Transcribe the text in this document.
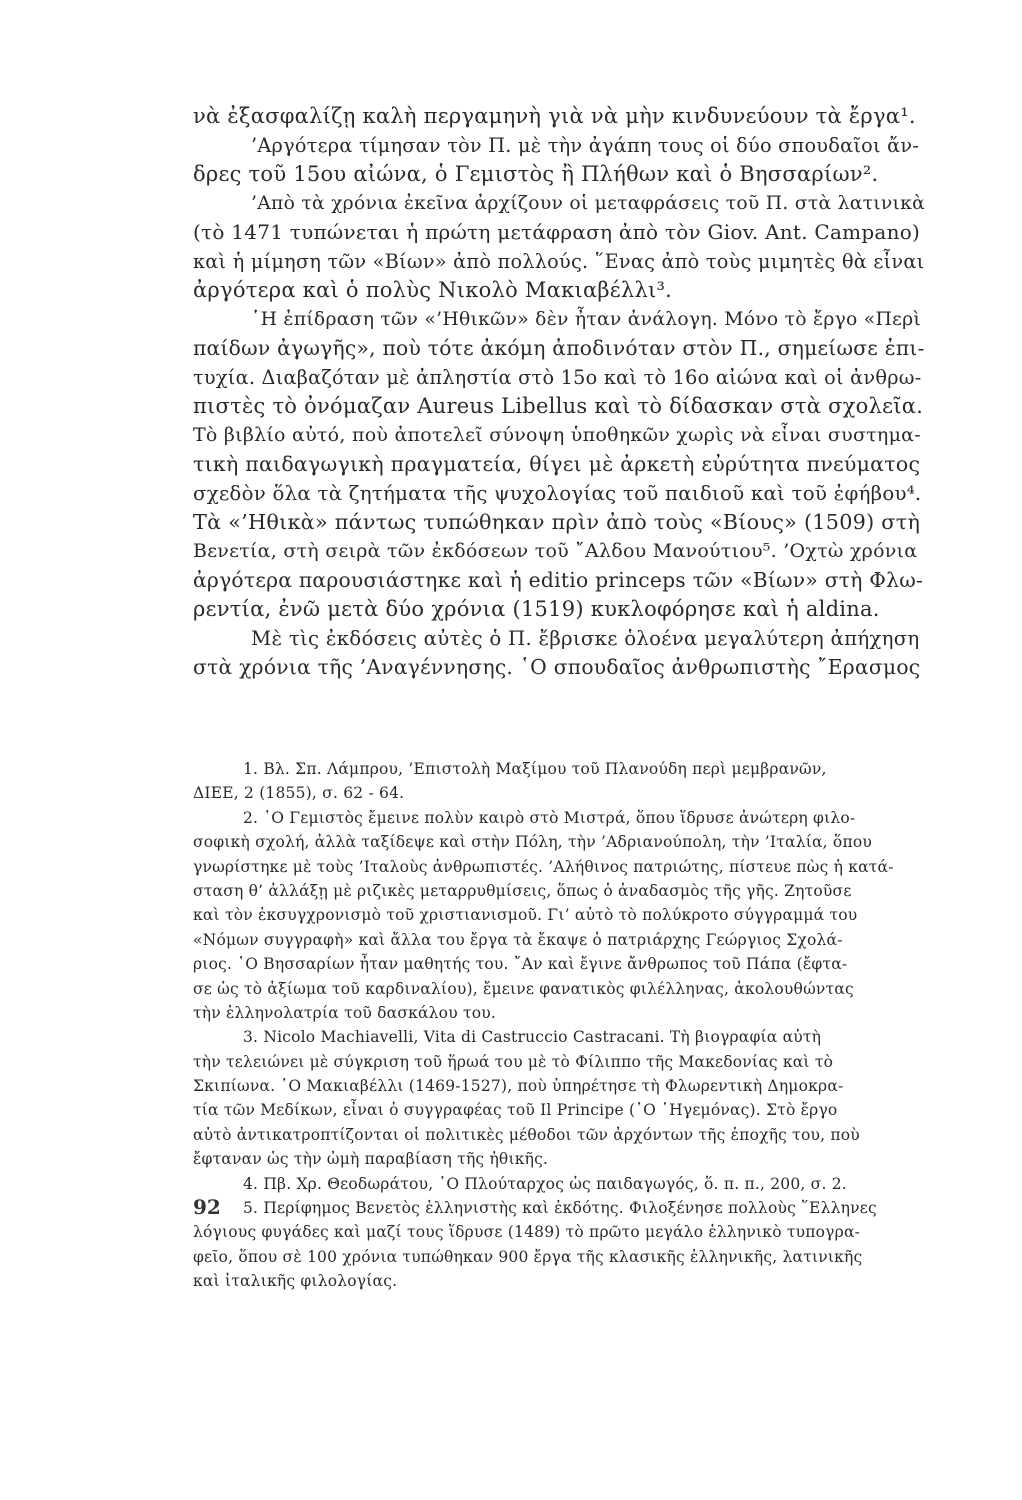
νὰ ἐξασφαλίζῃ καλὴ περγαμηνὴ γιὰ νὰ μὴν κινδυνεύουν τὰ ἔργα¹.
’Αργότερα τίμησαν τὸν Π. μὲ τὴν ἀγάπη τους οἱ δύο σπουδαῖοι ἄν-
δρες τοῦ 15ου αἰώνα, ὁ Γεμιστὸς ἢ Πλήθων καὶ ὁ Βησσαρίων².
’Απὸ τὰ χρόνια ἐκεῖνα ἀρχίζουν οἱ μεταφράσεις τοῦ Π. στὰ λατινικὰ
(τὸ 1471 τυπώνεται ἡ πρώτη μετάφραση ἀπὸ τὸν Giov. Ant. Campano)
καὶ ἡ μίμηση τῶν «Βίων» ἀπὸ πολλούς. ῞Ενας ἀπὸ τοὺς μιμητὲς θὰ εἶναι
ἀργότερα καὶ ὁ πολὺς Νικολὸ Μακιαβέλλι³.
῾Η ἐπίδραση τῶν «’Ηθικῶν» δὲν ἦταν ἀνάλογη. Μόνο τὸ ἔργο «Περὶ
παίδων ἀγωγῆς», ποὺ τότε ἀκόμη ἀποδινόταν στὸν Π., σημείωσε ἐπι-
τυχία. Διαβαζόταν μὲ ἀπληστία στὸ 15ο καὶ τὸ 16ο αἰώνα καὶ οἱ ἀνθρω-
πιστὲς τὸ ὀνόμαζαν Aureus Libellus καὶ τὸ δίδασκαν στὰ σχολεῖα.
Τὸ βιβλίο αὐτό, ποὺ ἀποτελεῖ σύνοψη ὑποθηκῶν χωρὶς νὰ εἶναι συστημα-
τικὴ παιδαγωγικὴ πραγματεία, θίγει μὲ ἀρκετὴ εὐρύτητα πνεύματος
σχεδὸν ὅλα τὰ ζητήματα τῆς ψυχολογίας τοῦ παιδιοῦ καὶ τοῦ ἐφήβου⁴.
Τὰ «’Ηθικὰ» πάντως τυπώθηκαν πρὶν ἀπὸ τοὺς «Βίους» (1509) στὴ
Βενετία, στὴ σειρὰ τῶν ἐκδόσεων τοῦ ῎Αλδου Μανούτιου⁵. ’Οχτὼ χρόνια
ἀργότερα παρουσιάστηκε καὶ ἡ editio princeps τῶν «Βίων» στὴ Φλω-
ρεντία, ἐνῶ μετὰ δύο χρόνια (1519) κυκλοφόρησε καὶ ἡ aldina.
Μὲ τὶς ἐκδόσεις αὐτὲς ὁ Π. ἔβρισκε ὁλοένα μεγαλύτερη ἀπήχηση
στὰ χρόνια τῆς ’Αναγέννησης. ῾Ο σπουδαῖος ἀνθρωπιστὴς ῎Ερασμος
1. Βλ. Σπ. Λάμπρου, ’Επιστολὴ Μαξίμου τοῦ Πλανούδη περὶ μεμβρανῶν,
ΔΙΕΕ, 2 (1855), σ. 62 - 64.
2. ῾Ο Γεμιστὸς ἔμεινε πολὺν καιρὸ στὸ Μιστρά, ὅπου ἵδρυσε ἀνώτερη φιλο-
σοφικὴ σχολή, ἀλλὰ ταξίδεψε καὶ στὴν Πόλη, τὴν ’Αδριανούπολη, τὴν ’Ιταλία, ὅπου
γνωρίστηκε μὲ τοὺς ’Ιταλοὺς ἀνθρωπιστές. ’Αλήθινος πατριώτης, πίστευε πὼς ἡ κατά-
σταση θ’ ἀλλάξῃ μὲ ριζικὲς μεταρρυθμίσεις, ὅπως ὁ ἀναδασμὸς τῆς γῆς. Ζητοῦσε
καὶ τὸν ἐκσυγχρονισμὸ τοῦ χριστιανισμοῦ. Γι’ αὐτὸ τὸ πολύκροτο σύγγραμμά του
«Νόμων συγγραφὴ» καὶ ἄλλα του ἔργα τὰ ἔκαψε ὁ πατριάρχης Γεώργιος Σχολά-
ριος. ῾Ο Βησσαρίων ἦταν μαθητής του. ῎Αν καὶ ἔγινε ἄνθρωπος τοῦ Πάπα (ἔφτα-
σε ὡς τὸ ἀξίωμα τοῦ καρδιναλίου), ἔμεινε φανατικὸς φιλέλληνας, ἀκολουθώντας
τὴν ἑλληνολατρία τοῦ δασκάλου του.
3. Nicolo Machiavelli, Vita di Castruccio Castracani. Τὴ βιογραφία αὐτὴ
τὴν τελειώνει μὲ σύγκριση τοῦ ἥρωά του μὲ τὸ Φίλιππο τῆς Μακεδονίας καὶ τὸ
Σκιπίωνα. ῾Ο Μακιαβέλλι (1469-1527), ποὺ ὑπηρέτησε τὴ Φλωρεντικὴ Δημοκρα-
τία τῶν Μεδίκων, εἶναι ὁ συγγραφέας τοῦ Il Principe (῾Ο ῾Ηγεμόνας). Στὸ ἔργο
αὐτὸ ἀντικατροπτίζονται οἱ πολιτικὲς μέθοδοι τῶν ἀρχόντων τῆς ἐποχῆς του, ποὺ
ἔφταναν ὡς τὴν ὠμὴ παραβίαση τῆς ἠθικῆς.
4. Πβ. Χρ. Θεοδωράτου, ῾Ο Πλούταρχος ὡς παιδαγωγός, ὅ. π. π., 200, σ. 2.
5. Περίφημος Βενετὸς ἑλληνιστὴς καὶ ἐκδότης. Φιλοξένησε πολλοὺς ῞Ελληνες
λόγιους φυγάδες καὶ μαζί τους ἵδρυσε (1489) τὸ πρῶτο μεγάλο ἑλληνικὸ τυπογρα-
φεῖο, ὅπου σὲ 100 χρόνια τυπώθηκαν 900 ἔργα τῆς κλασικῆς ἑλληνικῆς, λατινικῆς
καὶ ἰταλικῆς φιλολογίας.
92
